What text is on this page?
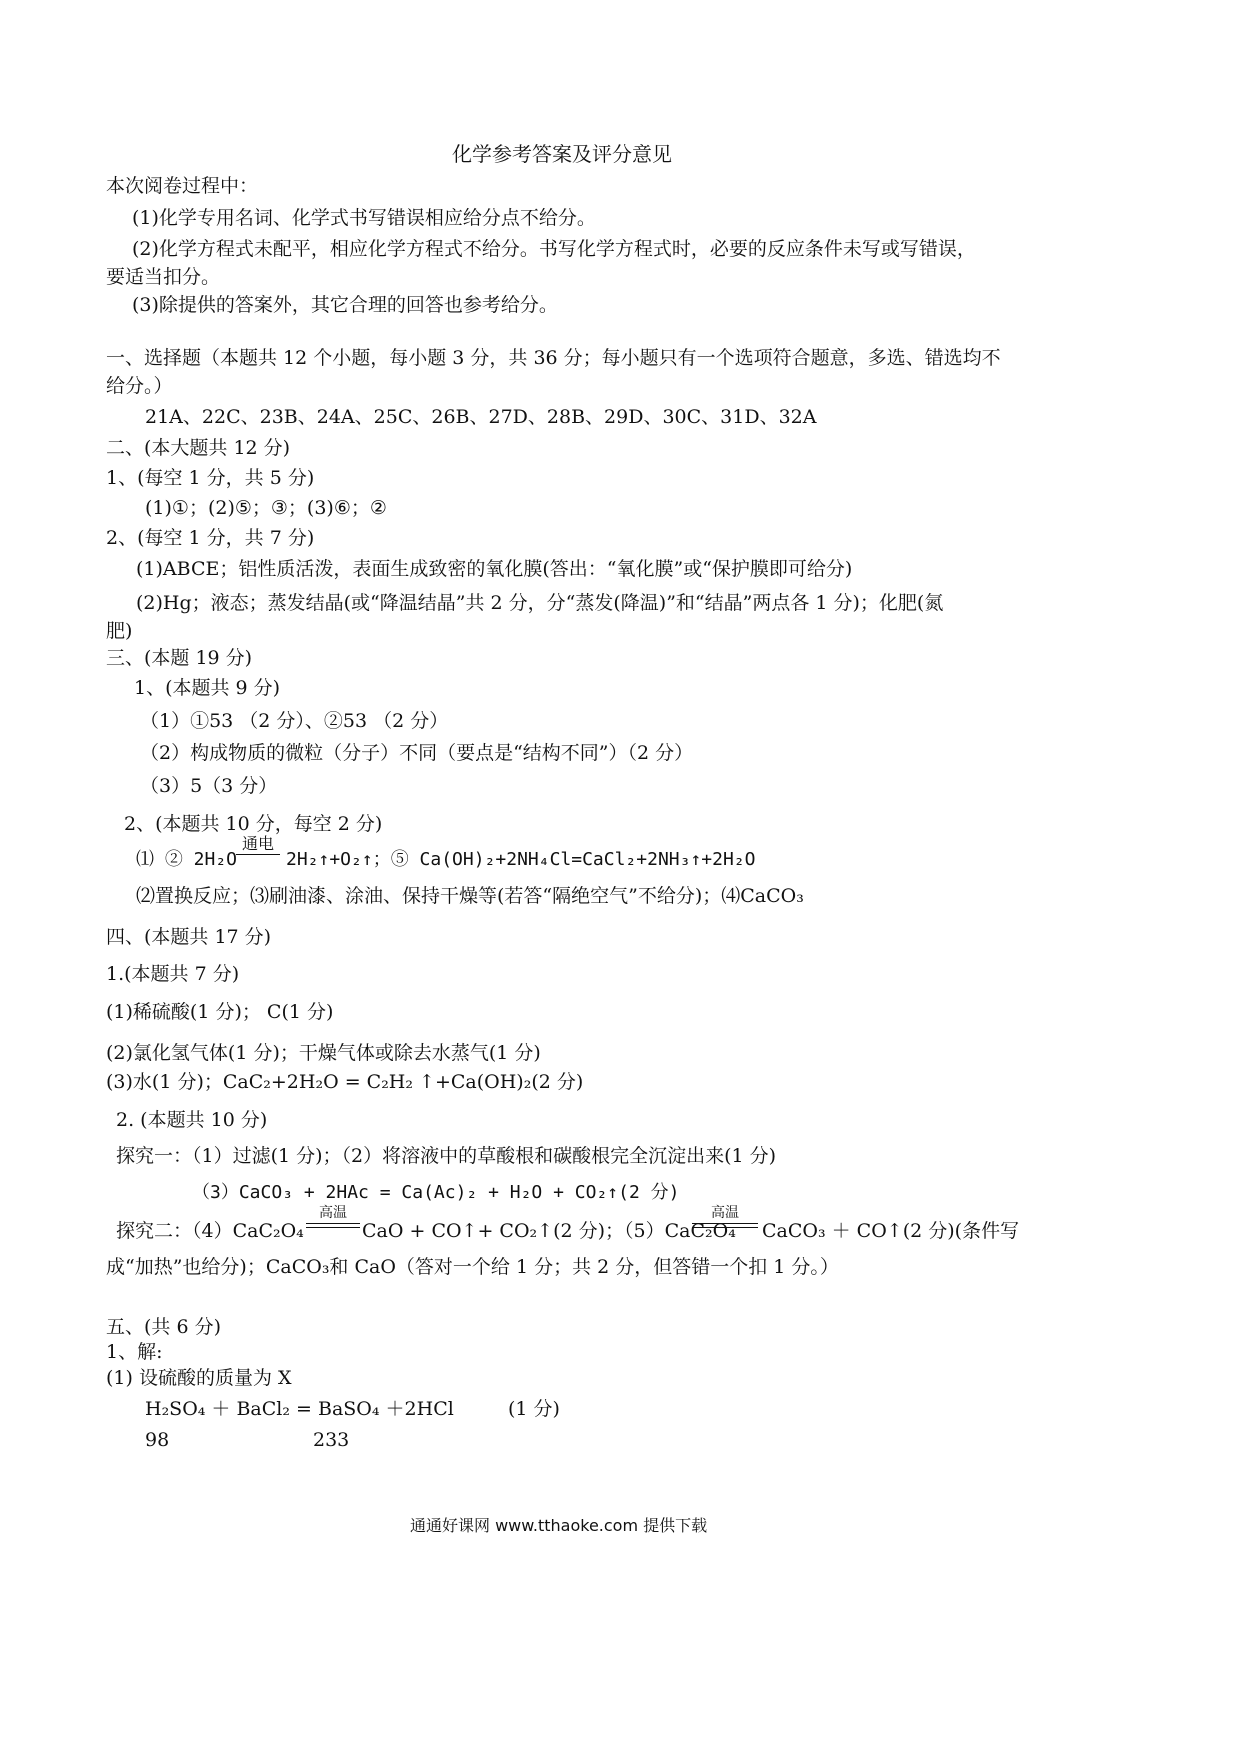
化学参考答案及评分意见
本次阅卷过程中：
(1)化学专用名词、化学式书写错误相应给分点不给分。
(2)化学方程式未配平，相应化学方程式不给分。书写化学方程式时，必要的反应条件未写或写错误，
要适当扣分。
(3)除提供的答案外，其它合理的回答也参考给分。
一、选择题（本题共 12 个小题，每小题 3 分，共 36 分；每小题只有一个选项符合题意，多选、错选均不
给分。）
21A、22C、23B、24A、25C、26B、27D、28B、29D、30C、31D、32A
二、(本大题共 12 分)
1、(每空 1 分，共 5 分)
(1)①；(2)⑤；③；(3)⑥；②
2、(每空 1 分，共 7 分)
(1)ABCE；铝性质活泼，表面生成致密的氧化膜(答出：“氧化膜”或“保护膜即可给分)
(2)Hg；液态；蒸发结晶(或“降温结晶”共 2 分，分“蒸发(降温)”和“结晶”两点各 1 分)；化肥(氮
肥)
三、(本题 19 分)
1、(本题共 9 分)
（1）①53 （2 分）、②53 （2 分）
（2）构成物质的微粒（分子）不同（要点是“结构不同”）（2 分）
（3）5（3 分）
2、(本题共 10 分，每空 2 分)
⑴ ② 2H₂O
通电
2H₂↑+O₂↑；⑤ Ca(OH)₂+2NH₄Cl=CaCl₂+2NH₃↑+2H₂O
⑵置换反应；⑶刷油漆、涂油、保持干燥等(若答“隔绝空气”不给分)；⑷CaCO₃
四、(本题共 17 分)
1.(本题共 7 分)
(1)稀硫酸(1 分)； C(1 分)
(2)氯化氢气体(1 分)；干燥气体或除去水蒸气(1 分)
(3)水(1 分)；CaC₂+2H₂O = C₂H₂ ↑+Ca(OH)₂(2 分)
2. (本题共 10 分)
探究一：（1）过滤(1 分)；（2）将溶液中的草酸根和碳酸根完全沉淀出来(1 分)
（3）CaCO₃ + 2HAc = Ca(Ac)₂ + H₂O + CO₂↑(2 分)
探究二：（4）CaC₂O₄
高温
CaO + CO↑+ CO₂↑(2 分)；（5）CaC₂O₄
高温
CaCO₃ ＋ CO↑(2 分)(条件写
成“加热”也给分)；CaCO₃和 CaO（答对一个给 1 分；共 2 分，但答错一个扣 1 分。）
五、(共 6 分)
1、解:
(1) 设硫酸的质量为 X
H₂SO₄ ＋ BaCl₂ = BaSO₄ ＋2HCl	(1 分)
98	233
通通好课网 www.tthaoke.com 提供下载
